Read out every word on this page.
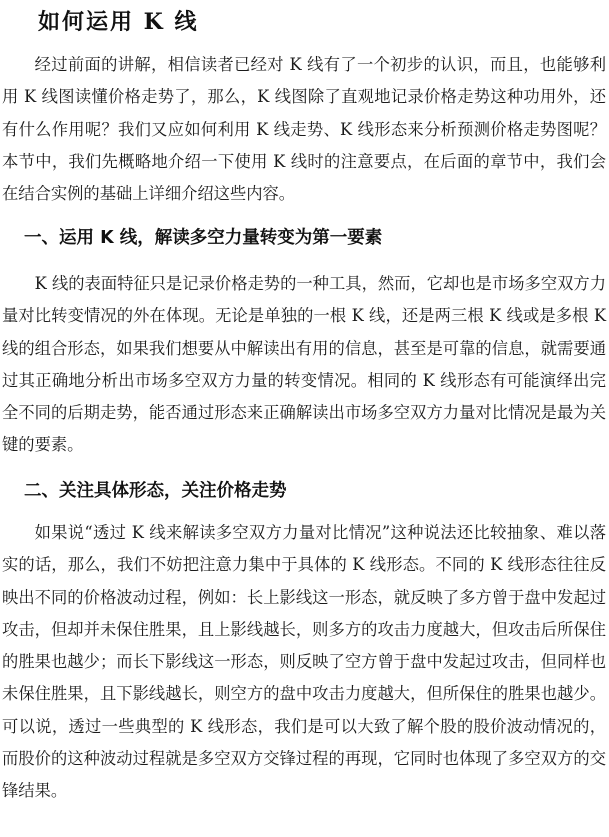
如何运用 K 线

经过前面的讲解，相信读者已经对 K 线有了一个初步的认识，而且，也能够利用 K 线图读懂价格走势了，那么，K 线图除了直观地记录价格走势这种功用外，还有什么作用呢？我们又应如何利用 K 线走势、K 线形态来分析预测价格走势图呢？本节中，我们先概略地介绍一下使用 K 线时的注意要点，在后面的章节中，我们会在结合实例的基础上详细介绍这些内容。

一、运用 K 线，解读多空力量转变为第一要素

K 线的表面特征只是记录价格走势的一种工具，然而，它却也是市场多空双方力量对比转变情况的外在体现。无论是单独的一根 K 线，还是两三根 K 线或是多根 K 线的组合形态，如果我们想要从中解读出有用的信息，甚至是可靠的信息，就需要通过其正确地分析出市场多空双方力量的转变情况。相同的 K 线形态有可能演绎出完全不同的后期走势，能否通过形态来正确解读出市场多空双方力量对比情况是最为关键的要素。

二、关注具体形态，关注价格走势

如果说“透过 K 线来解读多空双方力量对比情况”这种说法还比较抽象、难以落实的话，那么，我们不妨把注意力集中于具体的 K 线形态。不同的 K 线形态往往反映出不同的价格波动过程，例如：长上影线这一形态，就反映了多方曾于盘中发起过攻击，但却并未保住胜果，且上影线越长，则多方的攻击力度越大，但攻击后所保住的胜果也越少；而长下影线这一形态，则反映了空方曾于盘中发起过攻击，但同样也未保住胜果，且下影线越长，则空方的盘中攻击力度越大，但所保住的胜果也越少。可以说，透过一些典型的 K 线形态，我们是可以大致了解个股的股价波动情况的，而股价的这种波动过程就是多空双方交锋过程的再现，它同时也体现了多空双方的交锋结果。
